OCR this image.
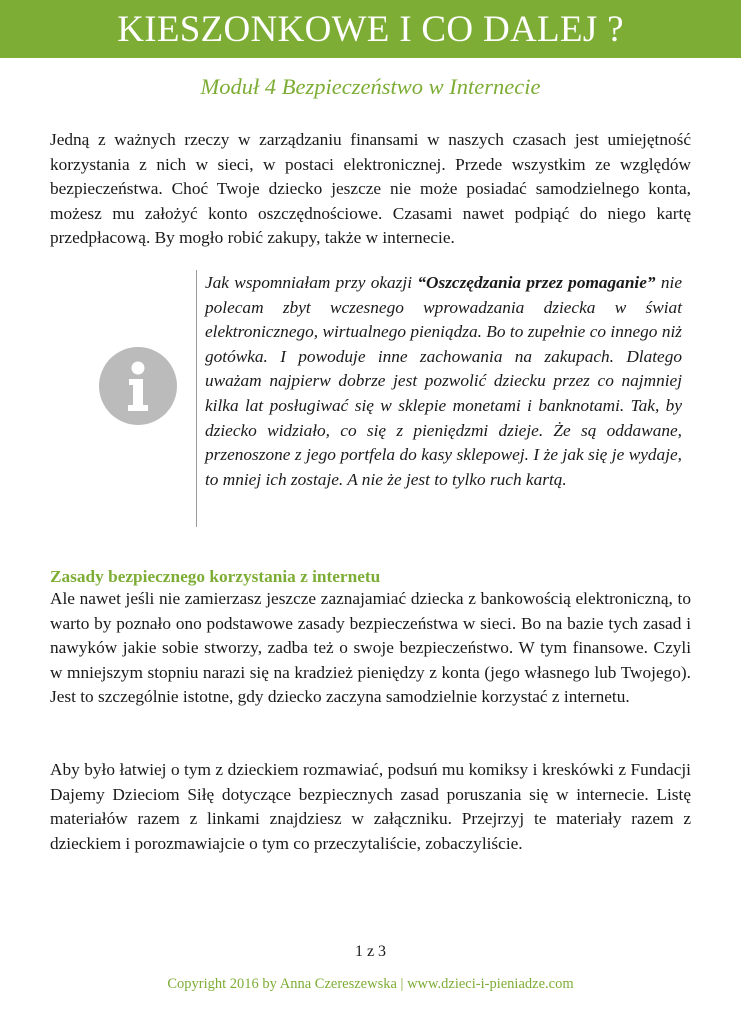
KIESZONKOWE I CO DALEJ ?
Moduł 4 Bezpieczeństwo w Internecie

Jedną z ważnych rzeczy w zarządzaniu finansami w naszych czasach jest umiejętność korzystania z nich w sieci, w postaci elektronicznej. Przede wszystkim ze względów bezpieczeństwa. Choć Twoje dziecko jeszcze nie może posiadać samodzielnego konta, możesz mu założyć konto oszczędnościowe. Czasami nawet podpiąć do niego kartę przedpłacową. By mogło robić zakupy, także w internecie.

Jak wspomniałam przy okazji “Oszczędzania przez pomaganie” nie polecam zbyt wczesnego wprowadzania dziecka w świat elektronicznego, wirtualnego pieniądza. Bo to zupełnie co innego niż gotówka. I powoduje inne zachowania na zakupach. Dlatego uważam najpierw dobrze jest pozwolić dziecku przez co najmniej kilka lat posługiwać się w sklepie monetami i banknotami. Tak, by dziecko widziało, co się z pieniędzmi dzieje. Że są oddawane, przenoszone z jego portfela do kasy sklepowej. I że jak się je wydaje, to mniej ich zostaje. A nie że jest to tylko ruch kartą.

Zasady bezpiecznego korzystania z internetu

Ale nawet jeśli nie zamierzasz jeszcze zaznajamiać dziecka z bankowością elektroniczną, to warto by poznało ono podstawowe zasady bezpieczeństwa w sieci. Bo na bazie tych zasad i nawyków jakie sobie stworzy, zadba też o swoje bezpieczeństwo. W tym finansowe. Czyli w mniejszym stopniu narazi się na kradzież pieniędzy z konta (jego własnego lub Twojego). Jest to szczególnie istotne, gdy dziecko zaczyna samodzielnie korzystać z internetu.

Aby było łatwiej o tym z dzieckiem rozmawiać, podsuń mu komiksy i kreskówki z Fundacji Dajemy Dzieciom Siłę dotyczące bezpiecznych zasad poruszania się w internecie. Listę materiałów razem z linkami znajdziesz w załączniku. Przejrzyj te materiały razem z dzieckiem i porozmawiajcie o tym co przeczytaliście, zobaczyliście.

1 z 3

Copyright 2016 by Anna Czereszewska | www.dzieci-i-pieniadze.com
